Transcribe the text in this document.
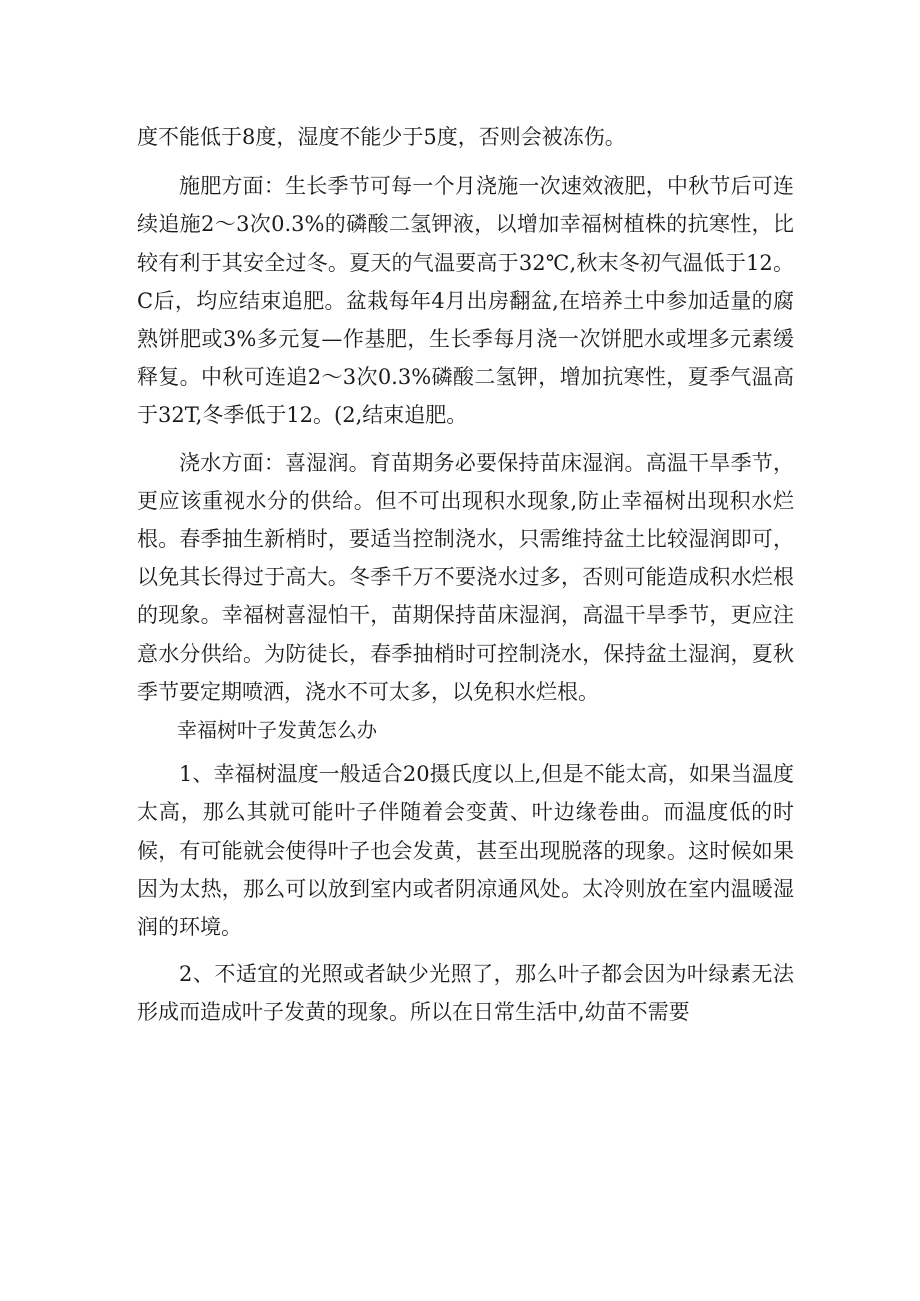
度不能低于8度，湿度不能少于5度，否则会被冻伤。

施肥方面：生长季节可每一个月浇施一次速效液肥，中秋节后可连续追施2～3次0.3%的磷酸二氢钾液，以增加幸福树植株的抗寒性，比较有利于其安全过冬。夏天的气温要高于32℃,秋末冬初气温低于12。C后，均应结束追肥。盆栽每年4月出房翻盆,在培养土中参加适量的腐熟饼肥或3%多元复—作基肥，生长季每月浇一次饼肥水或埋多元素缓释复。中秋可连追2～3次0.3%磷酸二氢钾，增加抗寒性，夏季气温高于32T,冬季低于12。(2,结束追肥。

浇水方面：喜湿润。育苗期务必要保持苗床湿润。高温干旱季节，更应该重视水分的供给。但不可出现积水现象,防止幸福树出现积水烂根。春季抽生新梢时，要适当控制浇水，只需维持盆土比较湿润即可，以免其长得过于高大。冬季千万不要浇水过多，否则可能造成积水烂根的现象。幸福树喜湿怕干，苗期保持苗床湿润，高温干旱季节，更应注意水分供给。为防徒长，春季抽梢时可控制浇水，保持盆土湿润，夏秋季节要定期喷洒，浇水不可太多，以免积水烂根。

幸福树叶子发黄怎么办

1、幸福树温度一般适合20摄氏度以上,但是不能太高，如果当温度太高，那么其就可能叶子伴随着会变黄、叶边缘卷曲。而温度低的时候，有可能就会使得叶子也会发黄，甚至出现脱落的现象。这时候如果因为太热，那么可以放到室内或者阴凉通风处。太冷则放在室内温暖湿润的环境。

2、不适宜的光照或者缺少光照了，那么叶子都会因为叶绿素无法形成而造成叶子发黄的现象。所以在日常生活中,幼苗不需要
